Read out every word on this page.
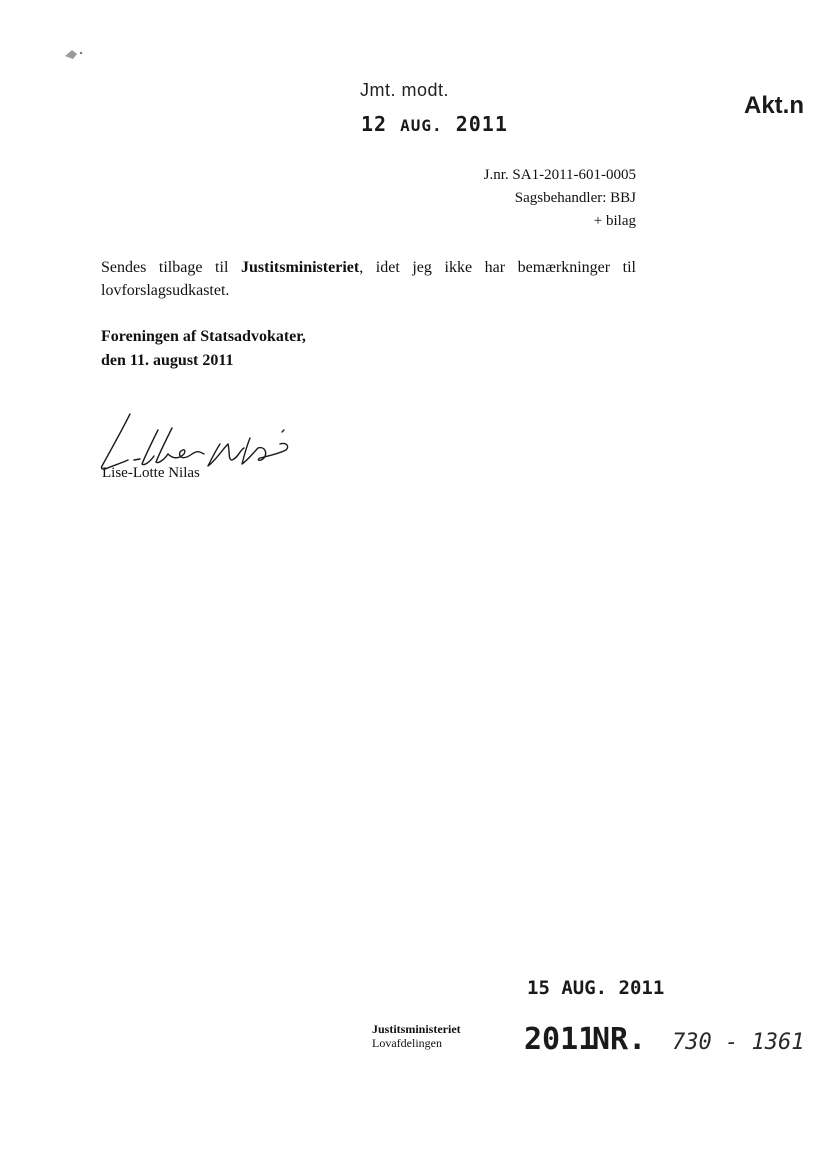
Jmt. modt.
12 AUG. 2011
Akt.n
J.nr. SA1-2011-601-0005
Sagsbehandler: BBJ
+ bilag
Sendes tilbage til Justitsministeriet, idet jeg ikke har bemærkninger til
lovforslagsudkastet.
Foreningen af Statsadvokater,
den 11. august 2011
Lise-Lotte Nilas
15 AUG. 2011
Justitsministeriet
Lovafdelingen	2011
NR. 730 - 1361
